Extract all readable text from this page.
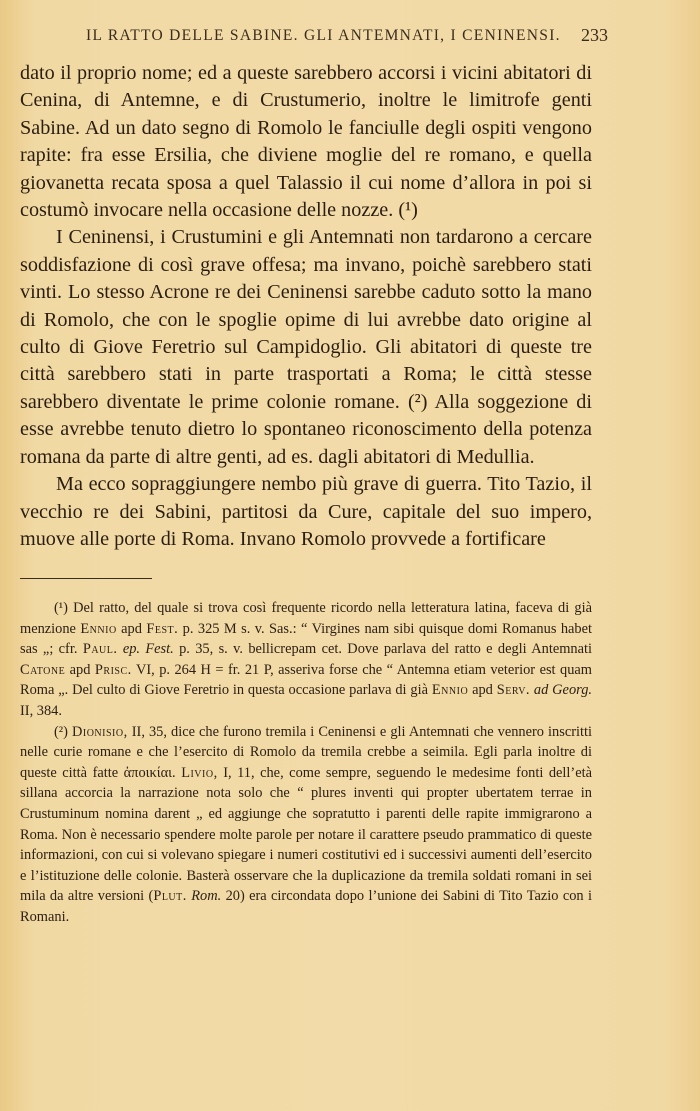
IL RATTO DELLE SABINE. GLI ANTEMNATI, I CENINENSI. 233

dato il proprio nome; ed a queste sarebbero accorsi i vicini abitatori di Cenina, di Antemne, e di Crustumerio, inoltre le limitrofe genti Sabine. Ad un dato segno di Romolo le fanciulle degli ospiti vengono rapite: fra esse Ersilia, che diviene moglie del re romano, e quella giovanetta recata sposa a quel Talassio il cui nome d’allora in poi si costumò invocare nella occasione delle nozze. (¹)

I Ceninensi, i Crustumini e gli Antemnati non tardarono a cercare soddisfazione di così grave offesa; ma invano, poichè sarebbero stati vinti. Lo stesso Acrone re dei Ceninensi sarebbe caduto sotto la mano di Romolo, che con le spoglie opime di lui avrebbe dato origine al culto di Giove Feretrio sul Campidoglio. Gli abitatori di queste tre città sarebbero stati in parte trasportati a Roma; le città stesse sarebbero diventate le prime colonie romane. (²) Alla soggezione di esse avrebbe tenuto dietro lo spontaneo riconoscimento della potenza romana da parte di altre genti, ad es. dagli abitatori di Medullia.

Ma ecco sopraggiungere nembo più grave di guerra. Tito Tazio, il vecchio re dei Sabini, partitosi da Cure, capitale del suo impero, muove alle porte di Roma. Invano Romolo provvede a fortificare

(¹) Del ratto, del quale si trova così frequente ricordo nella letteratura latina, faceva di già menzione Ennio apd Fest. p. 325 M s. v. Sas.: “ Virgines nam sibi quisque domi Romanus habet sas „; cfr. Paul. ep. Fest. p. 35, s. v. bellicrepam cet. Dove parlava del ratto e degli Antemnati Catone apd Prisc. VI, p. 264 H = fr. 21 P, asseriva forse che “ Antemna etiam veterior est quam Roma „. Del culto di Giove Feretrio in questa occasione parlava di già Ennio apd Serv. ad Georg. II, 384.

(²) Dionisio, II, 35, dice che furono tremila i Ceninensi e gli Antemnati che vennero inscritti nelle curie romane e che l’esercito di Romolo da tremila crebbe a seimila. Egli parla inoltre di queste città fatte ἀποικίαι. Livio, I, 11, che, come sempre, seguendo le medesime fonti dell’età sillana accorcia la narrazione nota solo che “ plures inventi qui propter ubertatem terrae in Crustuminum nomina darent „ ed aggiunge che sopratutto i parenti delle rapite immigrarono a Roma. Non è necessario spendere molte parole per notare il carattere pseudo prammatico di queste informazioni, con cui si volevano spiegare i numeri costitutivi ed i successivi aumenti dell’esercito e l’istituzione delle colonie. Basterà osservare che la duplicazione da tremila soldati romani in sei mila da altre versioni (Plut. Rom. 20) era circondata dopo l’unione dei Sabini di Tito Tazio con i Romani.
